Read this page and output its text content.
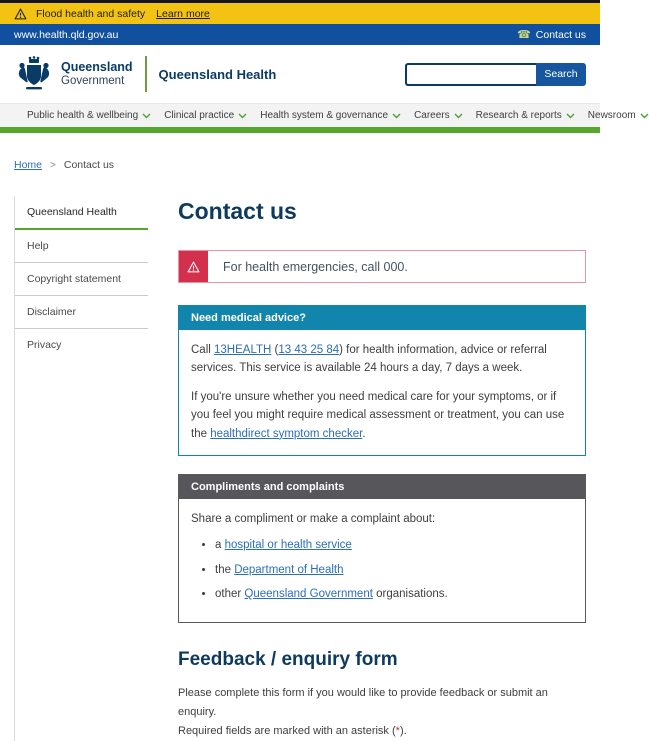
Flood health and safety Learn more
www.health.qld.gov.au	☎ Contact us
Queensland
Government	Queensland Health	Search
Public health & wellbeing	Clinical practice	Health system & governance	Careers	Research & reports	Newsroom
Home > Contact us
Queensland Health
Help
Copyright statement
Disclaimer
Privacy
Contact us
For health emergencies, call 000.
Need medical advice?

Call 13HEALTH (13 43 25 84) for health information, advice or referral services. This service is available 24 hours a day, 7 days a week.

If you're unsure whether you need medical care for your symptoms, or if you feel you might require medical assessment or treatment, you can use the healthdirect symptom checker.

Compliments and complaints

Share a compliment or make a complaint about:

• a hospital or health service
• the Department of Health
• other Queensland Government organisations.
Feedback / enquiry form
Please complete this form if you would like to provide feedback or submit an enquiry.
Required fields are marked with an asterisk (*).
